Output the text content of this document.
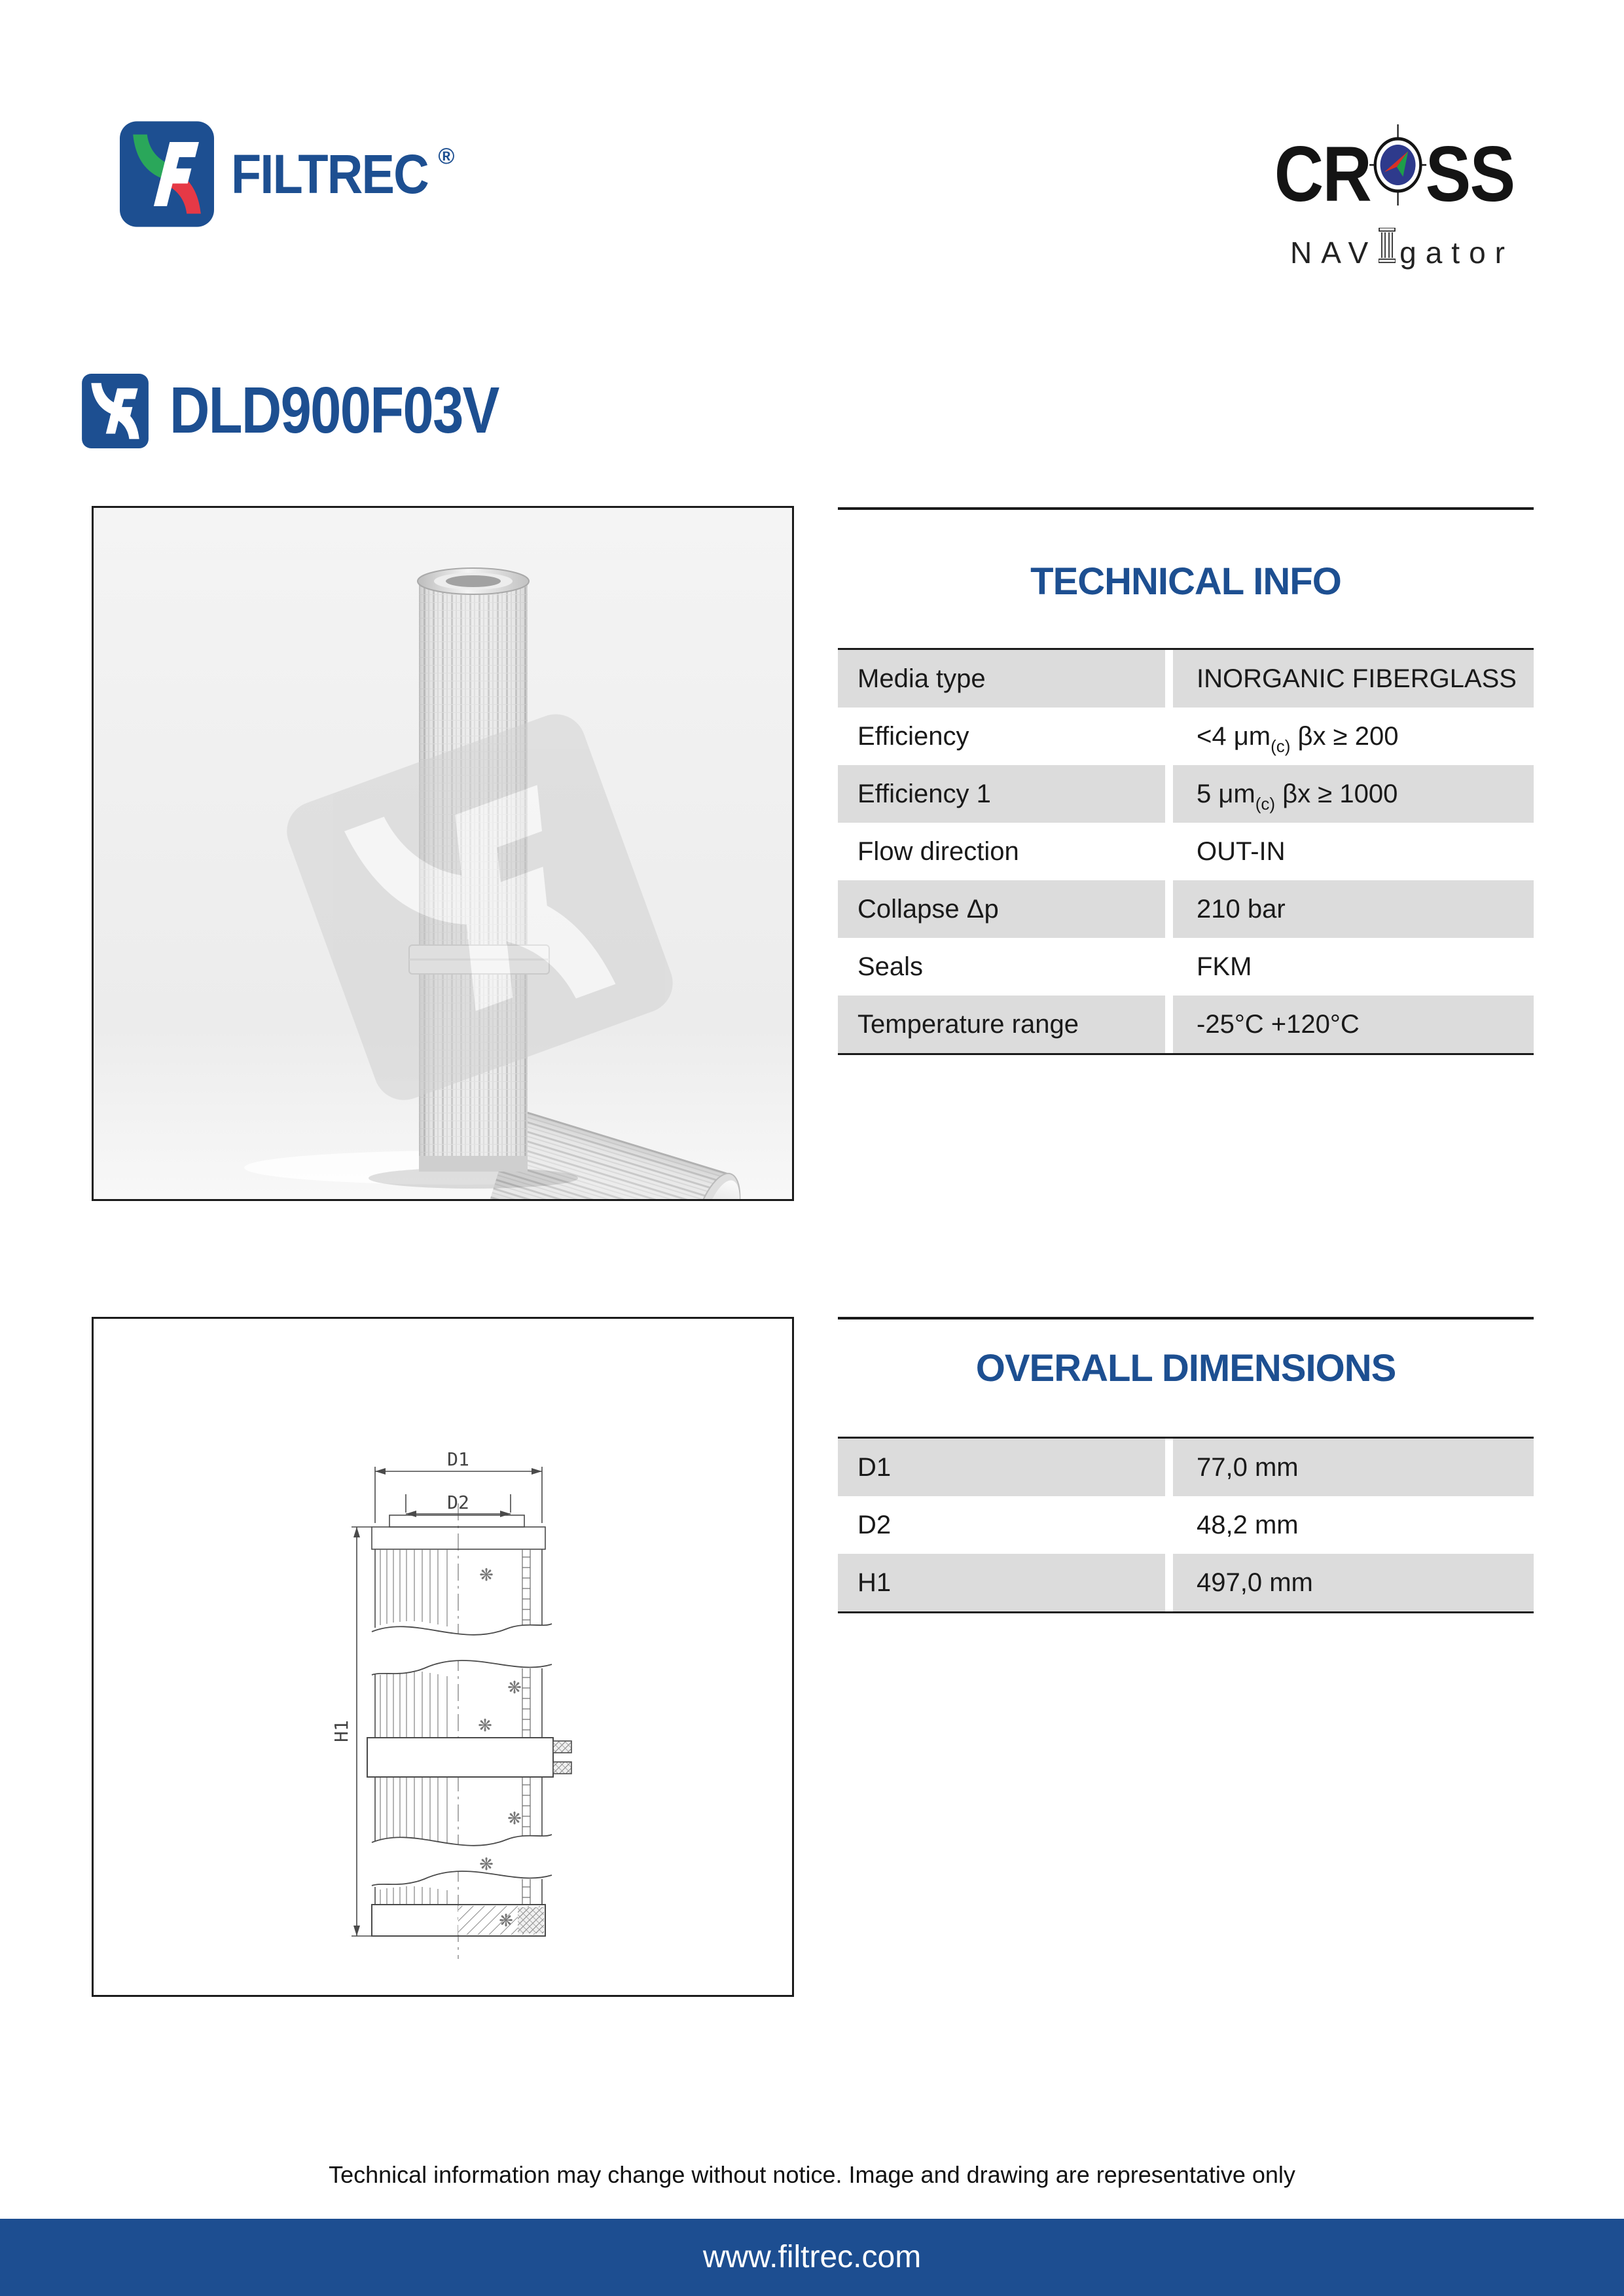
FILTREC ®	CR SS
NAV gator
DLD900F03V
TECHNICAL INFO
Media type	INORGANIC FIBERGLASS
Efficiency	<4 μm (c) βx ≥ 200
Efficiency 1	5 μm (c) βx ≥ 1000
Flow direction	OUT-IN
Collapse Δp	210 bar
Seals	FKM
Temperature range	-25°C +120°C
D1
D2
H1
❋
❋
❋
❋
❋
❋
OVERALL DIMENSIONS
D1	77,0 mm
D2	48,2 mm
H1	497,0 mm
Technical information may change without notice. Image and drawing are representative only
www.filtrec.com
